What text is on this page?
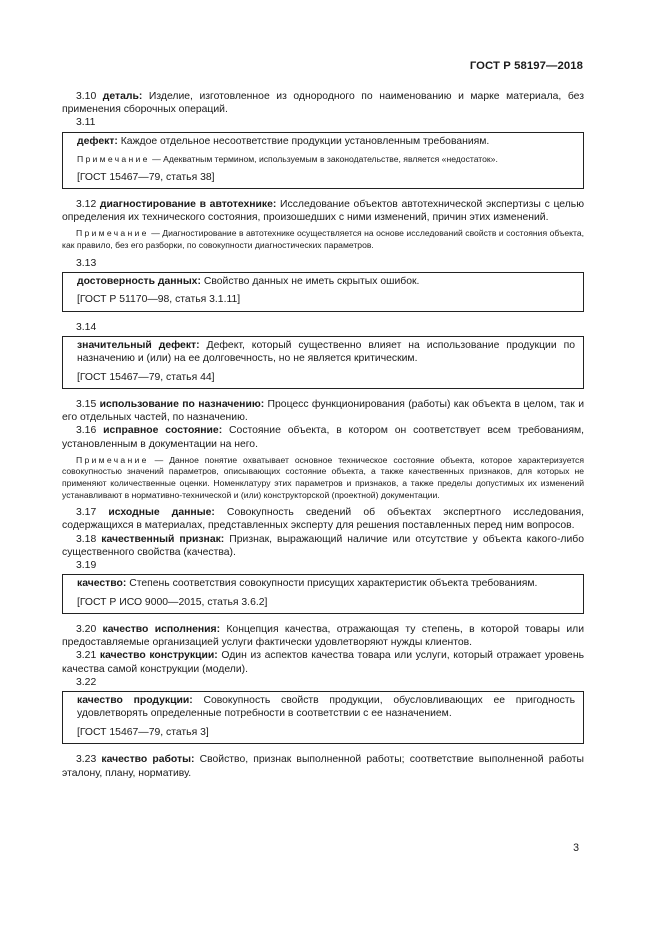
ГОСТ Р 58197—2018

3.10 деталь: Изделие, изготовленное из однородного по наименованию и марке материала, без применения сборочных операций.

3.11

дефект: Каждое отдельное несоответствие продукции установленным требованиям.

Примечание — Адекватным термином, используемым в законодательстве, является «недостаток».

[ГОСТ 15467—79, статья 38]

3.12 диагностирование в автотехнике: Исследование объектов автотехнической экспертизы с целью определения их технического состояния, произошедших с ними изменений, причин этих изменений.

Примечание — Диагностирование в автотехнике осуществляется на основе исследований свойств и состояния объекта, как правило, без его разборки, по совокупности диагностических параметров.

3.13

достоверность данных: Свойство данных не иметь скрытых ошибок.

[ГОСТ Р 51170—98, статья 3.1.11]

3.14

значительный дефект: Дефект, который существенно влияет на использование продукции по назначению и (или) на ее долговечность, но не является критическим.

[ГОСТ 15467—79, статья 44]

3.15 использование по назначению: Процесс функционирования (работы) как объекта в целом, так и его отдельных частей, по назначению.

3.16 исправное состояние: Состояние объекта, в котором он соответствует всем требованиям, установленным в документации на него.

Примечание — Данное понятие охватывает основное техническое состояние объекта, которое характеризуется совокупностью значений параметров, описывающих состояние объекта, а также качественных признаков, для которых не применяют количественные оценки. Номенклатуру этих параметров и признаков, а также пределы допустимых их изменений устанавливают в нормативно-технической и (или) конструкторской (проектной) документации.

3.17 исходные данные: Совокупность сведений об объектах экспертного исследования, содержащихся в материалах, представленных эксперту для решения поставленных перед ним вопросов.

3.18 качественный признак: Признак, выражающий наличие или отсутствие у объекта какого-либо существенного свойства (качества).

3.19

качество: Степень соответствия совокупности присущих характеристик объекта требованиям.

[ГОСТ Р ИСО 9000—2015, статья 3.6.2]

3.20 качество исполнения: Концепция качества, отражающая ту степень, в которой товары или предоставляемые организацией услуги фактически удовлетворяют нужды клиентов.

3.21 качество конструкции: Один из аспектов качества товара или услуги, который отражает уровень качества самой конструкции (модели).

3.22

качество продукции: Совокупность свойств продукции, обусловливающих ее пригодность удовлетворять определенные потребности в соответствии с ее назначением.

[ГОСТ 15467—79, статья 3]

3.23 качество работы: Свойство, признак выполненной работы; соответствие выполненной работы эталону, плану, нормативу.

3
